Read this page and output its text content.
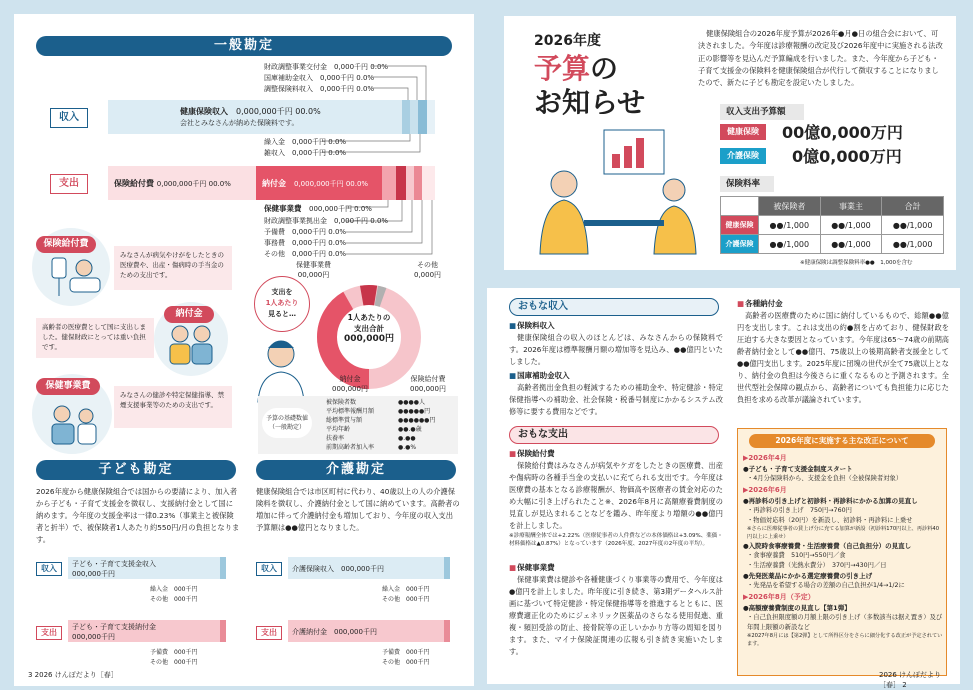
一般勘定
財政調整事業交付金　0,000千円 0.0%
国庫補助金収入　0,000千円 0.0%
調整保険料収入　0,000千円 0.0%
収入
健康保険収入　 0,000,000千円 00.0%
会社とみなさんが納めた保険料です。
繰入金　0,000千円 0.0%
雑収入　0,000千円 0.0%
支出	保険給付費 0,000,000千円 00.0%	納付金　 0,000,000千円 00.0%
保健事業費　 000,000千円 0.0%
財政調整事業拠出金　0,000千円 0.0%
予備費　0,000千円 0.0%
事務費　0,000千円 0.0%
その他　0,000千円 0.0%
保険給付費
みなさんが病気やけがをしたときの医療費や、出産・傷病時の手当金のための支出です。
納付金
高齢者の医療費として国に支出しました。健保財政にとっては重い負担です。
保健事業費
みなさんの健診や特定保健指導、禁煙支援事業等のための支出です。
支出を
1人あたり
見ると…	1人あたりの
支出合計
000,000円
保健事業費
00,000円
その他
0,000円
納付金
000,000円
保険給付費
000,000円
予算の基礎数値（一般勘定）
被保険者数	●●●●人
平均標準報酬月額	●●●●●円
総標準賞与額	●●●●●●円
平均年齢	●●.●歳
扶養率	●.●●
前期高齢者加入率	●.●%
子ども勘定
2026年度から健康保険組合では国からの要請により、加入者から子ども・子育て支援金を徴収し、支援納付金として国に納めます。今年度の支援金率は一律0.23%（事業主と被保険者と折半）で、被保険者1人あたり約550円/月の負担となります。
収入	子ども・子育て支援金収入
000,000千円
繰入金　000千円
その他　000千円
支出
子ども・子育て支援納付金
000,000千円
予備費　000千円
その他　000千円
介護勘定
健康保険組合では市区町村に代わり、40歳以上の人の介護保険料を徴収し、介護納付金として国に納めています。高齢者の増加に伴って介護納付金も増加しており、今年度の収入支出予算額は●●億円となりました。
収入	介護保険収入　 000,000千円
繰入金　000千円
その他　000千円
支出	介護納付金　 000,000千円
予備費　000千円
その他　000千円
3 2026 けんぽだより［春］
2026年度
予算の
お知らせ
健康保険組合の2026年度予算が2026年●月●日の組合会において、可決されました。今年度は診療報酬の改定及び2026年度中に実施される法改正の影響等を見込んだ予算編成を行いました。また、今年度から子ども・子育て支援金の保険料を健康保険組合が代行して徴収することになりましたので、新たに子ども勘定を設定いたしました。
収入支出予算額
健康保険	00億0,000万円
介護保険	0億0,000万円
保険料率
	被保険者	事業主	合計
健康保険	●●/1,000	●●/1,000	●●/1,000
介護保険	●●/1,000	●●/1,000	●●/1,000
※健康保険は調整保険料率●●　1,000を含む
おもな収入
■ 保険料収入
健康保険組合の収入のほとんどは、みなさんからの保険料です。2026年度は標準報酬月額の増加等を見込み、●●億円といたしました。
■ 国庫補助金収入
高齢者拠出金負担の軽減するための補助金や、特定健診・特定保健指導への補助金、社会保険・税番号制度にかかるシステム改修等に要する費用などです。
おもな支出
■ 保険給付費
保険給付費はみなさんが病気やケガをしたときの医療費、出産や傷病時の各種手当金の支払いに充てられる支出です。今年度は医療費の基本となる診療報酬が、物価高や医療者の賃金対応のため大幅に引き上げられたこと※、2026年8月に高額療養費制度の見直しが見込まれることなどを鑑み、昨年度より増額の●●億円を計上しました。
※診療報酬全体では+2.22%（医療従事者の人件費などの本体価格は+3.09%、薬価・材料価格は▲0.87%）となっています（2026年度、2027年度の2年度の平均）。
■ 保健事業費
保健事業費は健診や各種健康づくり事業等の費用で、今年度は●億円を計上しました。昨年度に引き続き、第3期データヘルス計画に基づいて特定健診・特定保健指導等を推進するとともに、医療費適正化のためにジェネリック医薬品のさらなる使用促進、重複・頻回受診の防止、接骨院等の正しいかかり方等の周知を図ります。また、マイナ保険証関連の広報も引き続き実施いたします。
■ 各種納付金
高齢者の医療費のために国に納付しているもので、総額●●億円を支出します。これは支出の約●割を占めており、健保財政を圧迫する大きな要因となっています。今年度は65〜74歳の前期高齢者納付金として●●億円、75歳以上の後期高齢者支援金として●●億円支出します。2025年度に団塊の世代が全て75歳以上となり、納付金の負担は今後さらに重くなるものと予測されます。全世代型社会保障の観点から、高齢者についても負担能力に応じた負担を求める改革が議論されています。
2026年度に実施する主な改正について
▶2026年4月
●子ども・子育て支援金制度スタート
・4月分保険料から、支援金を負担（全被保険者対象）
▶2026年6月
●再診料の引き上げと初診料・再診料にかかる加算の見直し
・再診料の引き上げ　750円→760円
・物価対応料（20円）を新設し、初診料・再診料に上乗せ
※さらに医療従事者の賃上げ分に充てる加算が新設（初診料170円以上、再診料40円以上に上乗せ）
●入院時食事療養費・生活療養費（自己負担分）の見直し
・食事療養費　510円→550円／食
・生活療養費（光熱水費分）　370円→430円／日
●先発医薬品にかかる選定療養費の引き上げ
・先発品を希望する場合の差額の自己負担が1/4→1/2に
▶2026年8月（予定）
●高額療養費制度の見直し【第1弾】
・自己負担限度額の月額上限の引き上げ（多数該当は据え置き）及び年間上限額の新設など
※2027年8月には【第2弾】として所得区分をさらに細分化する改正が予定されています。
2026 けんぽだより［春］ 2
